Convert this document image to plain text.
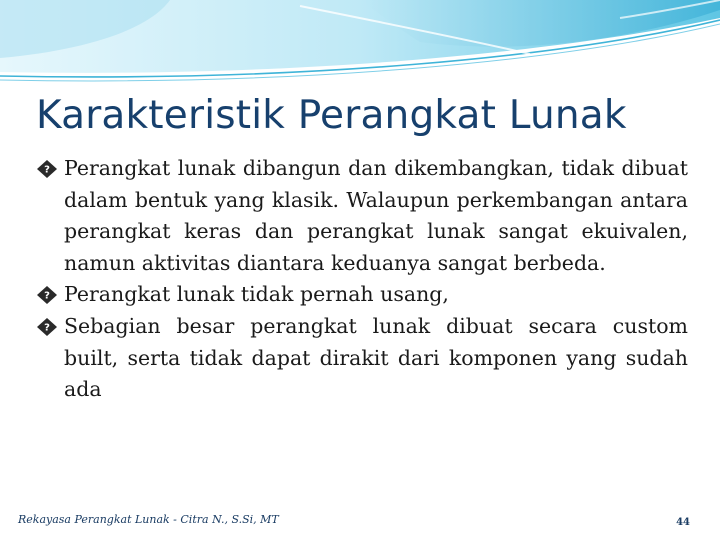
Karakteristik Perangkat Lunak
? Perangkat lunak dibangun dan dikembangkan, tidak dibuat dalam bentuk yang klasik. Walaupun perkembangan antara perangkat keras dan perangkat lunak sangat ekuivalen, namun aktivitas diantara keduanya sangat berbeda.
? Perangkat lunak tidak pernah usang,
? Sebagian besar perangkat lunak dibuat secara custom built, serta tidak dapat dirakit dari komponen yang sudah ada
Rekayasa Perangkat Lunak - Citra N., S.Si, MT	44
